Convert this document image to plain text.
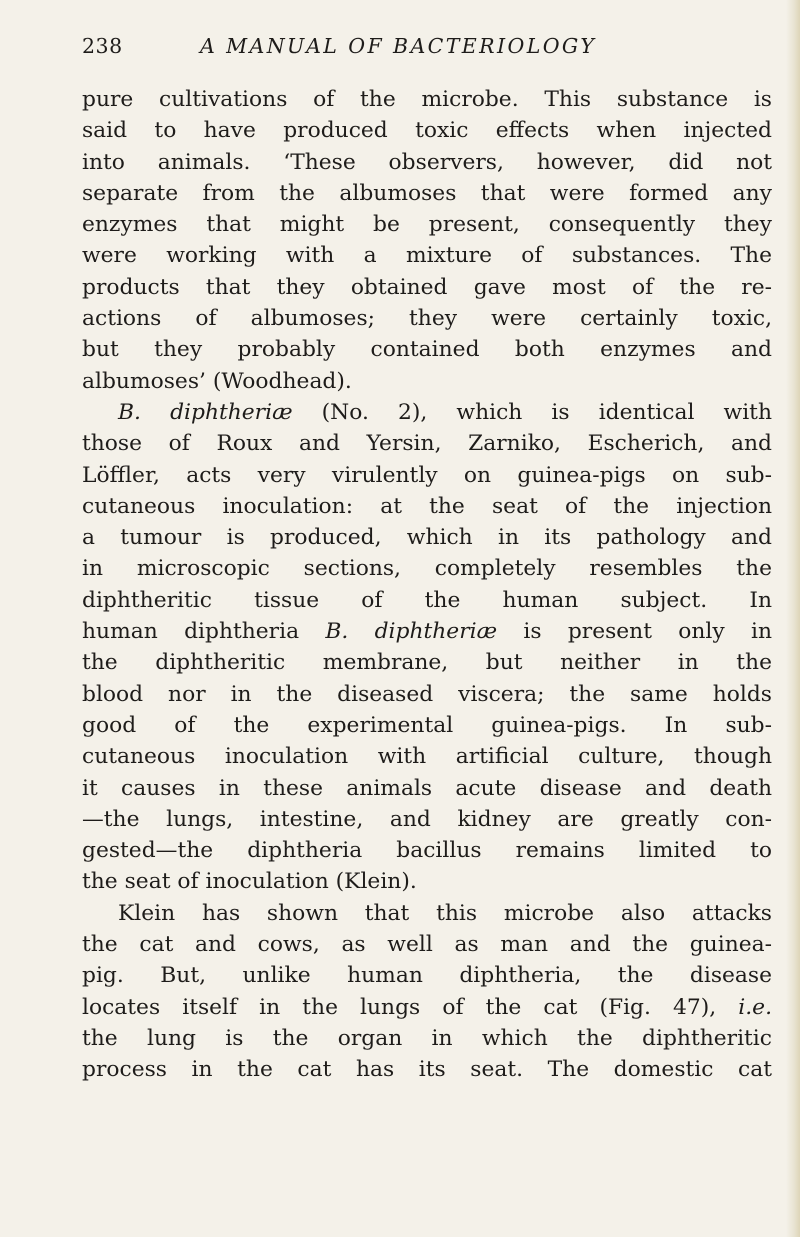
238	A MANUAL OF BACTERIOLOGY
pure cultivations of the microbe. This substance is
said to have produced toxic effects when injected
into animals. ‘These observers, however, did not
separate from the albumoses that were formed any
enzymes that might be present, consequently they
were working with a mixture of substances. The
products that they obtained gave most of the re-
actions of albumoses; they were certainly toxic,
but they probably contained both enzymes and
albumoses’ (Woodhead).
B. diphtheriæ (No. 2), which is identical with
those of Roux and Yersin, Zarniko, Escherich, and
Löffler, acts very virulently on guinea-pigs on sub-
cutaneous inoculation: at the seat of the injection
a tumour is produced, which in its pathology and
in microscopic sections, completely resembles the
diphtheritic tissue of the human subject. In
human diphtheria B. diphtheriæ is present only in
the diphtheritic membrane, but neither in the
blood nor in the diseased viscera; the same holds
good of the experimental guinea-pigs. In sub-
cutaneous inoculation with artificial culture, though
it causes in these animals acute disease and death
—the lungs, intestine, and kidney are greatly con-
gested—the diphtheria bacillus remains limited to
the seat of inoculation (Klein).
Klein has shown that this microbe also attacks
the cat and cows, as well as man and the guinea-
pig. But, unlike human diphtheria, the disease
locates itself in the lungs of the cat (Fig. 47), i.e.
the lung is the organ in which the diphtheritic
process in the cat has its seat. The domestic cat
